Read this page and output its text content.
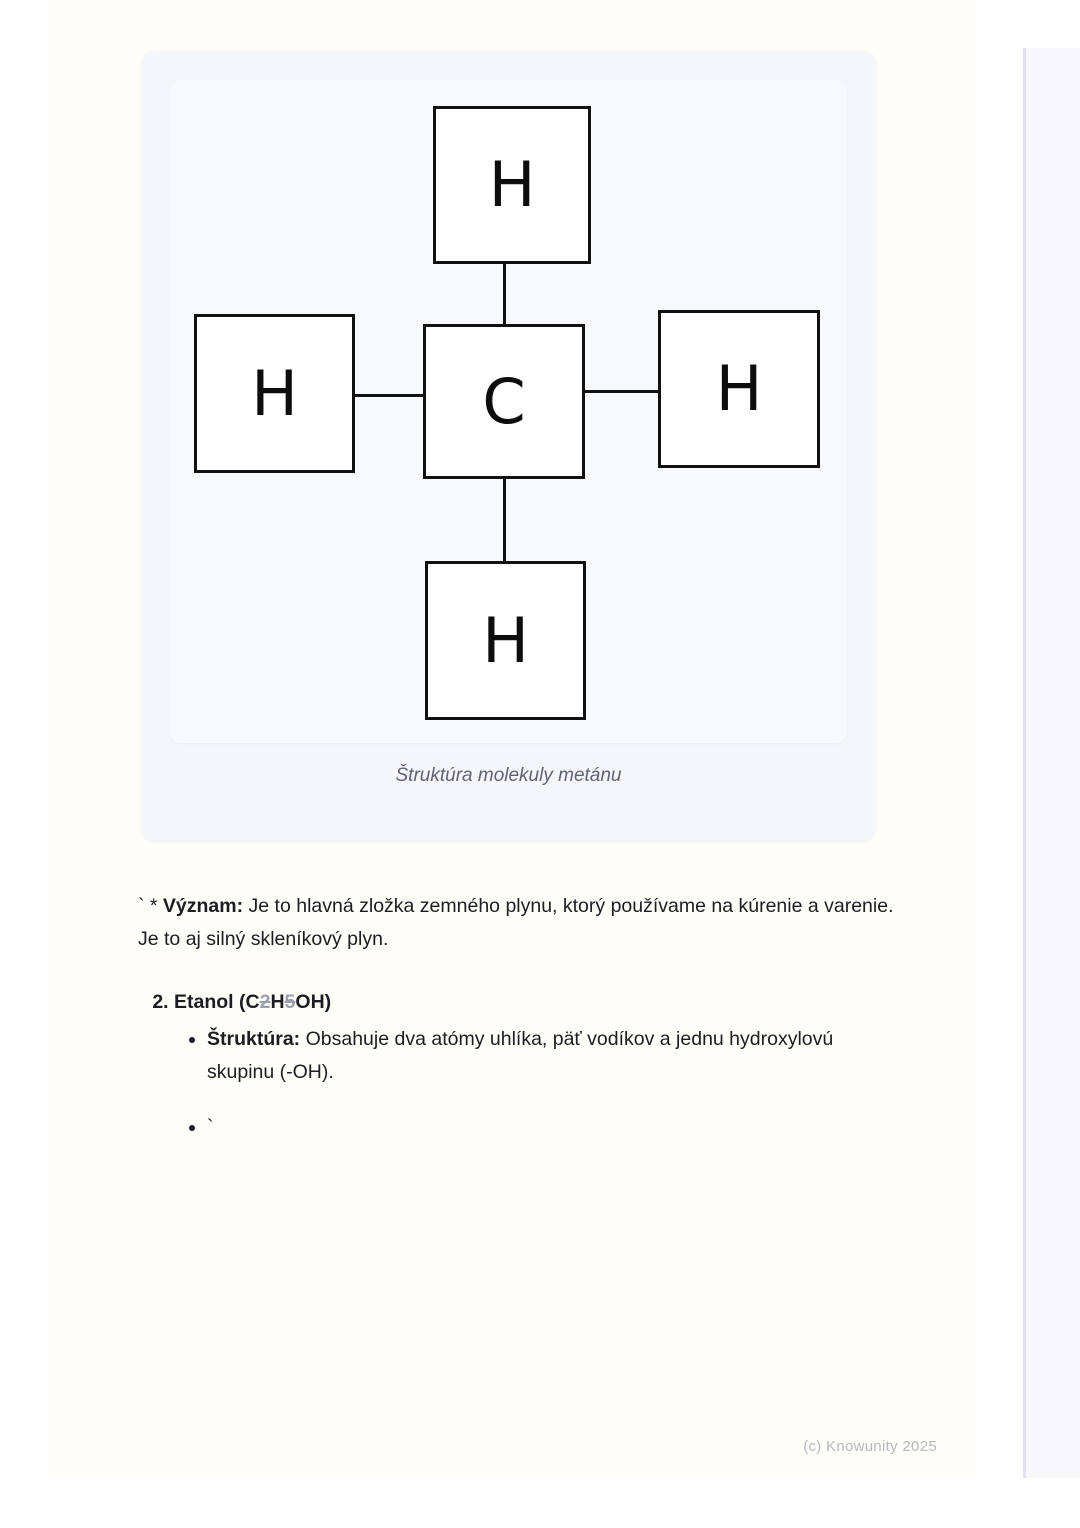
H
H	C	H
H
Štruktúra molekuly metánu

` * Význam: Je to hlavná zložka zemného plynu, ktorý používame na kúrenie a varenie. Je to aj silný skleníkový plyn.

2. Etanol (C2H5OH)
• Štruktúra: Obsahuje dva atómy uhlíka, päť vodíkov a jednu hydroxylovú skupinu (-OH).
• `
(c) Knowunity 2025
